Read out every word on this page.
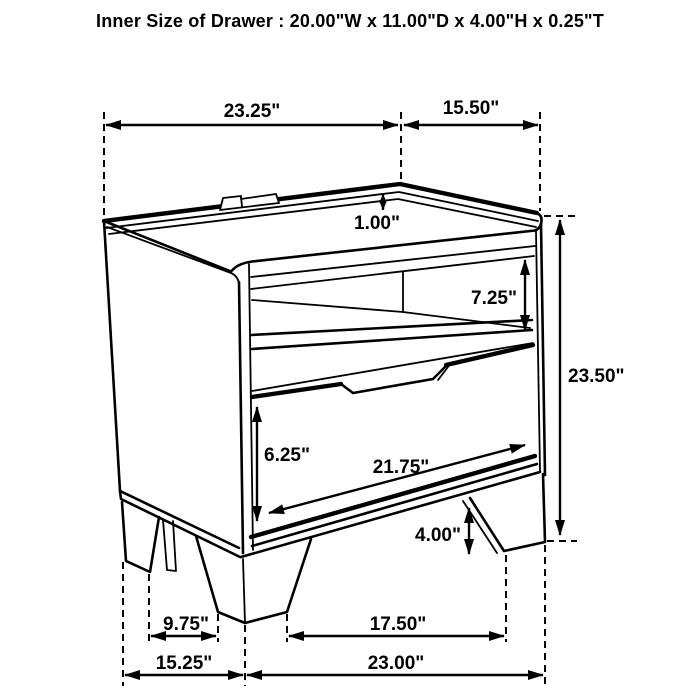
Inner Size of Drawer : 20.00"W x 11.00"D x 4.00"H x 0.25"T
23.25"	15.50"
1.00"
7.25"
23.50"
6.25"
21.75"
4.00"
9.75"	17.50"
15.25"	23.00"
